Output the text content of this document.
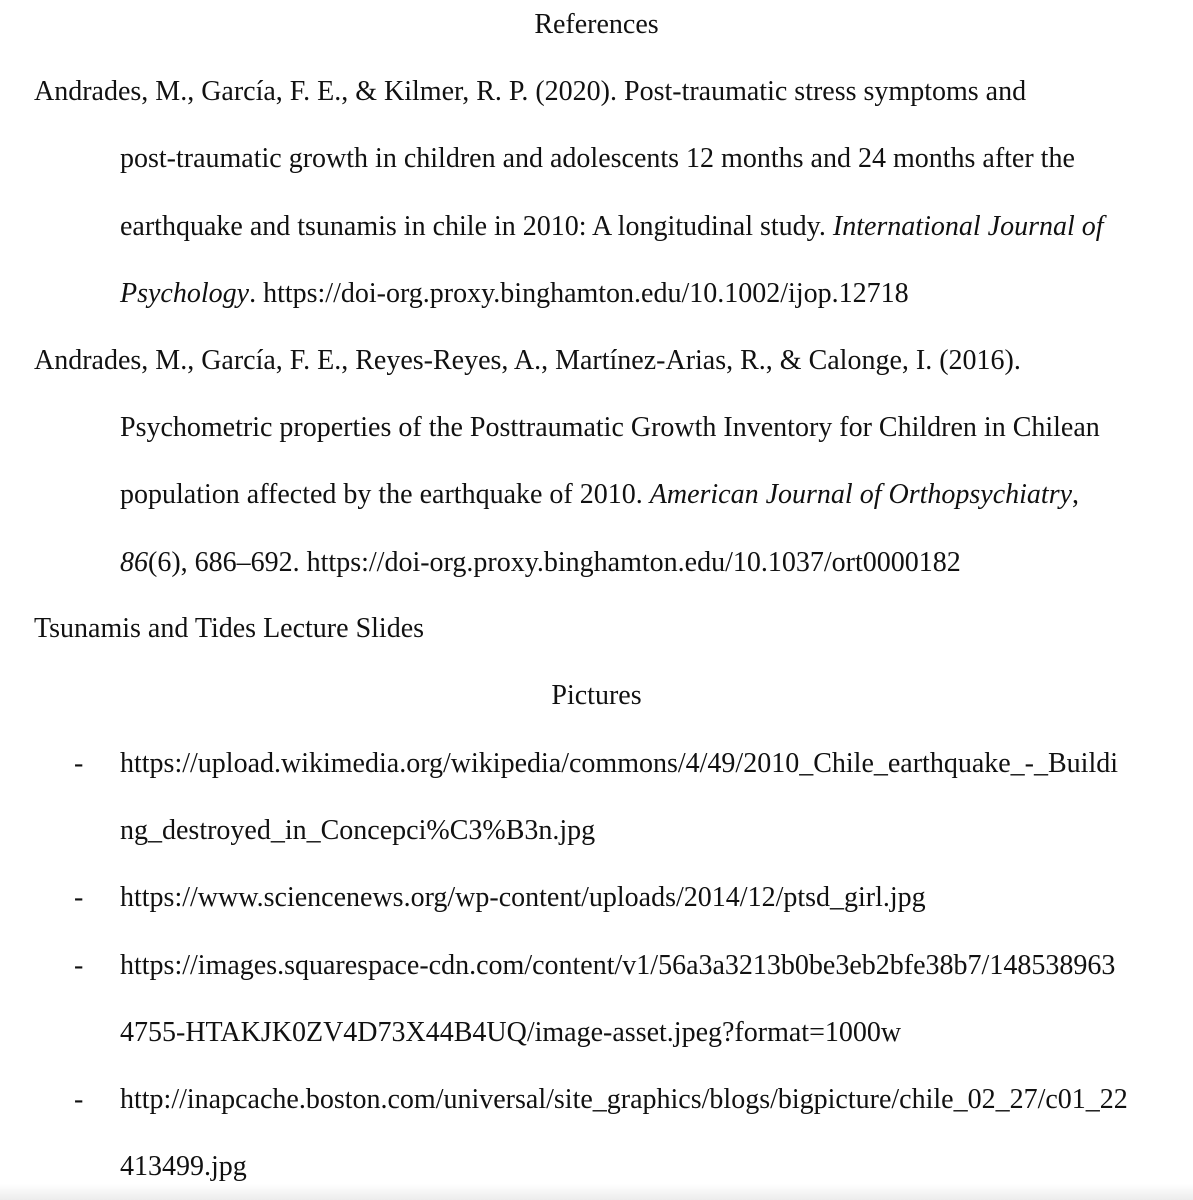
References
Andrades, M., García, F. E., & Kilmer, R. P. (2020). Post‑traumatic stress symptoms and
post‑traumatic growth in children and adolescents 12 months and 24 months after the
earthquake and tsunamis in chile in 2010: A longitudinal study. International Journal of
Psychology. https://doi-org.proxy.binghamton.edu/10.1002/ijop.12718
Andrades, M., García, F. E., Reyes-Reyes, A., Martínez-Arias, R., & Calonge, I. (2016).
Psychometric properties of the Posttraumatic Growth Inventory for Children in Chilean
population affected by the earthquake of 2010. American Journal of Orthopsychiatry,
86(6), 686–692. https://doi-org.proxy.binghamton.edu/10.1037/ort0000182
Tsunamis and Tides Lecture Slides
Pictures
- https://upload.wikimedia.org/wikipedia/commons/4/49/2010_Chile_earthquake_-_Buildi
ng_destroyed_in_Concepci%C3%B3n.jpg
- https://www.sciencenews.org/wp-content/uploads/2014/12/ptsd_girl.jpg
- https://images.squarespace-cdn.com/content/v1/56a3a3213b0be3eb2bfe38b7/148538963
4755-HTAKJK0ZV4D73X44B4UQ/image-asset.jpeg?format=1000w
- http://inapcache.boston.com/universal/site_graphics/blogs/bigpicture/chile_02_27/c01_22
413499.jpg
